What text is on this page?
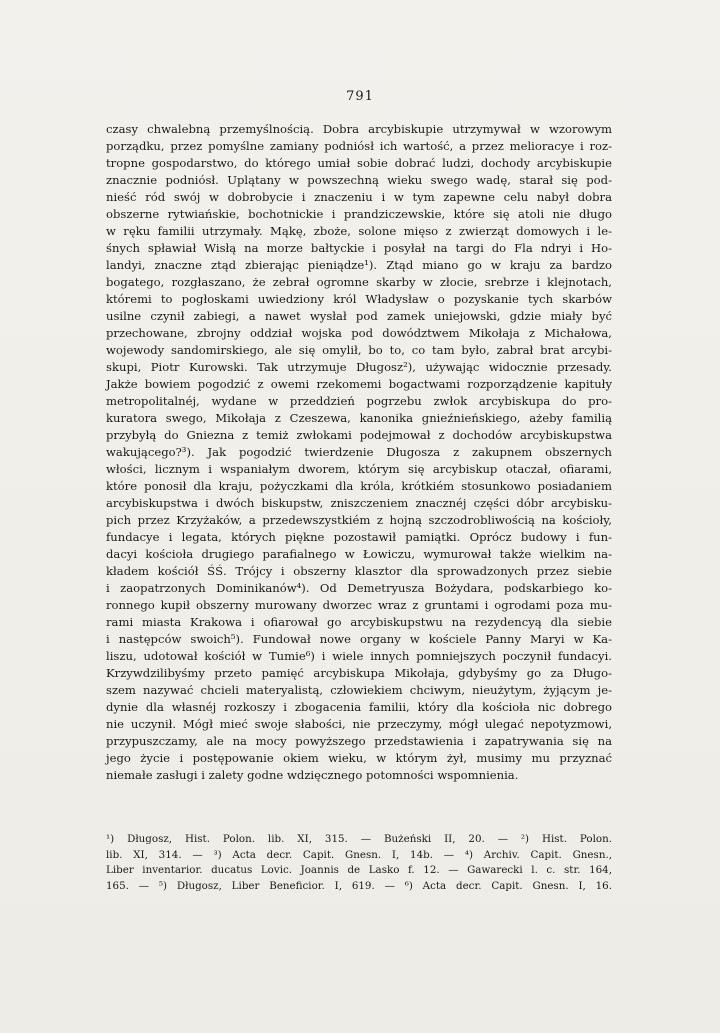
791
czasy chwalebną przemyślnością. Dobra arcybiskupie utrzymywał w wzorowym
porządku, przez pomyślne zamiany podniósł ich wartość, a przez melioracye i roz-
tropne gospodarstwo, do którego umiał sobie dobrać ludzi, dochody arcybiskupie
znacznie podniósł. Uplątany w powszechną wieku swego wadę, starał się pod-
nieść ród swój w dobrobycie i znaczeniu i w tym zapewne celu nabył dobra
obszerne rytwiańskie, bochotnickie i prandziczewskie, które się atoli nie długo
w ręku familii utrzymały. Mąkę, zboże, solone mięso z zwierząt domowych i le-
śnych spławiał Wisłą na morze bałtyckie i posyłał na targi do Fla ndryi i Ho-
landyi, znaczne ztąd zbierając pieniądze¹). Ztąd miano go w kraju za bardzo
bogatego, rozgłaszano, że zebrał ogromne skarby w złocie, srebrze i klejnotach,
któremi to pogłoskami uwiedziony król Władysław o pozyskanie tych skarbów
usilne czynił zabiegi, a nawet wysłał pod zamek uniejowski, gdzie miały być
przechowane, zbrojny oddział wojska pod dowództwem Mikołaja z Michałowa,
wojewody sandomirskiego, ale się omylił, bo to, co tam było, zabrał brat arcybi-
skupi, Piotr Kurowski. Tak utrzymuje Długosz²), używając widocznie przesady.
Jakże bowiem pogodzić z owemi rzekomemi bogactwami rozporządzenie kapituły
metropolitalnéj, wydane w przeddzień pogrzebu zwłok arcybiskupa do pro-
kuratora swego, Mikołaja z Czeszewa, kanonika gnieźnieńskiego, ażeby familią
przybyłą do Gniezna z temiż zwłokami podejmował z dochodów arcybiskupstwa
wakującego?³). Jak pogodzić twierdzenie Długosza z zakupnem obszernych
włości, licznym i wspaniałym dworem, którym się arcybiskup otaczał, ofiarami,
które ponosił dla kraju, pożyczkami dla króla, krótkiém stosunkowo posiadaniem
arcybiskupstwa i dwóch biskupstw, zniszczeniem znacznéj części dóbr arcybisku-
pich przez Krzyżaków, a przedewszystkiém z hojną szczodrobliwością na kościoły,
fundacye i legata, których piękne pozostawił pamiątki. Oprócz budowy i fun-
dacyi kościoła drugiego parafialnego w Łowiczu, wymurował także wielkim na-
kładem kościół ŚŚ. Trójcy i obszerny klasztor dla sprowadzonych przez siebie
i zaopatrzonych Dominikanów⁴). Od Demetryusza Bożydara, podskarbiego ko-
ronnego kupił obszerny murowany dworzec wraz z gruntami i ogrodami poza mu-
rami miasta Krakowa i ofiarował go arcybiskupstwu na rezydencyą dla siebie
i następców swoich⁵). Fundował nowe organy w kościele Panny Maryi w Ka-
liszu, udotował kościół w Tumie⁶) i wiele innych pomniejszych poczynił fundacyi.
Krzywdzilibyśmy przeto pamięć arcybiskupa Mikołaja, gdybyśmy go za Długo-
szem nazywać chcieli materyalistą, człowiekiem chciwym, nieużytym, żyjącym je-
dynie dla własnéj rozkoszy i zbogacenia familii, który dla kościoła nic dobrego
nie uczynił. Mógł mieć swoje słabości, nie przeczymy, mógł ulegać nepotyzmowi,
przypuszczamy, ale na mocy powyższego przedstawienia i zapatrywania się na
jego życie i postępowanie okiem wieku, w którym żył, musimy mu przyznać
niemałe zasługi i zalety godne wdzięcznego potomności wspomnienia.
¹) Długosz, Hist. Polon. lib. XI, 315. — Bużeński II, 20. — ²) Hist. Polon.
lib. XI, 314. — ³) Acta decr. Capit. Gnesn. I, 14b. — ⁴) Archiv. Capit. Gnesn.,
Liber inventarior. ducatus Lovic. Joannis de Lasko f. 12. — Gawarecki l. c. str. 164,
165. — ⁵) Długosz, Liber Beneficior. I, 619. — ⁶) Acta decr. Capit. Gnesn. I, 16.
